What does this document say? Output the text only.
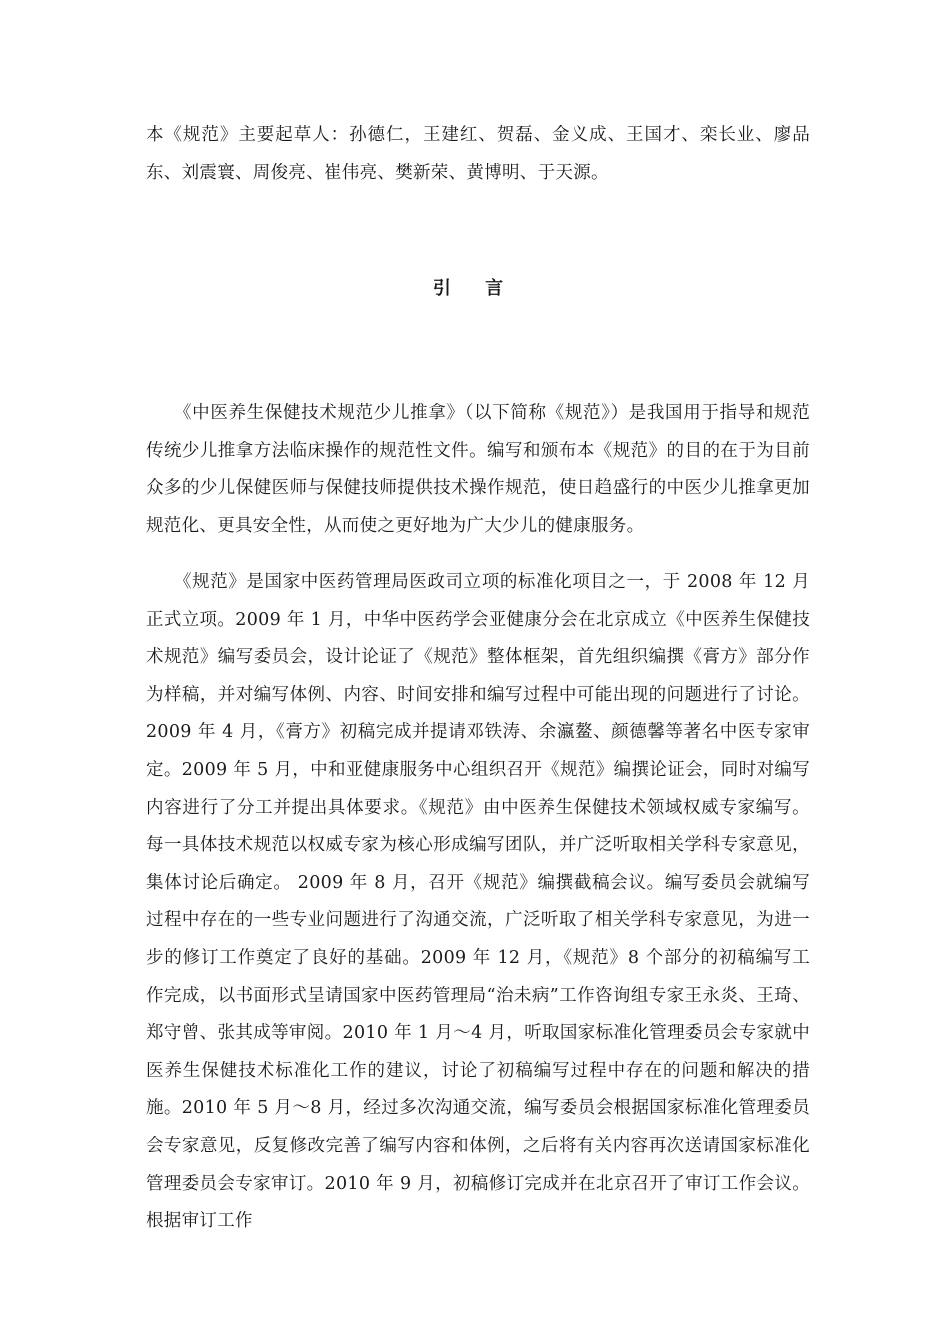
本《规范》主要起草人：孙德仁，王建红、贺磊、金义成、王国才、栾长业、廖品东、刘震寰、周俊亮、崔伟亮、樊新荣、黄博明、于天源。

引 言

《中医养生保健技术规范少儿推拿》（以下简称《规范》）是我国用于指导和规范传统少儿推拿方法临床操作的规范性文件。编写和颁布本《规范》的目的在于为目前众多的少儿保健医师与保健技师提供技术操作规范，使日趋盛行的中医少儿推拿更加规范化、更具安全性，从而使之更好地为广大少儿的健康服务。

《规范》是国家中医药管理局医政司立项的标准化项目之一，于 2008 年 12 月正式立项。2009 年 1 月，中华中医药学会亚健康分会在北京成立《中医养生保健技术规范》编写委员会，设计论证了《规范》整体框架，首先组织编撰《膏方》部分作为样稿，并对编写体例、内容、时间安排和编写过程中可能出现的问题进行了讨论。2009 年 4 月，《膏方》初稿完成并提请邓铁涛、余瀛鳌、颜德馨等著名中医专家审定。2009 年 5 月，中和亚健康服务中心组织召开《规范》编撰论证会，同时对编写内容进行了分工并提出具体要求。《规范》由中医养生保健技术领域权威专家编写。每一具体技术规范以权威专家为核心形成编写团队，并广泛听取相关学科专家意见，集体讨论后确定。 2009 年 8 月，召开《规范》编撰截稿会议。编写委员会就编写过程中存在的一些专业问题进行了沟通交流，广泛听取了相关学科专家意见，为进一步的修订工作奠定了良好的基础。2009 年 12 月，《规范》8 个部分的初稿编写工作完成，以书面形式呈请国家中医药管理局“治未病”工作咨询组专家王永炎、王琦、郑守曾、张其成等审阅。2010 年 1 月～4 月，听取国家标准化管理委员会专家就中医养生保健技术标准化工作的建议，讨论了初稿编写过程中存在的问题和解决的措施。2010 年 5 月～8 月，经过多次沟通交流，编写委员会根据国家标准化管理委员会专家意见，反复修改完善了编写内容和体例，之后将有关内容再次送请国家标准化管理委员会专家审订。2010 年 9 月，初稿修订完成并在北京召开了审订工作会议。根据审订工作
